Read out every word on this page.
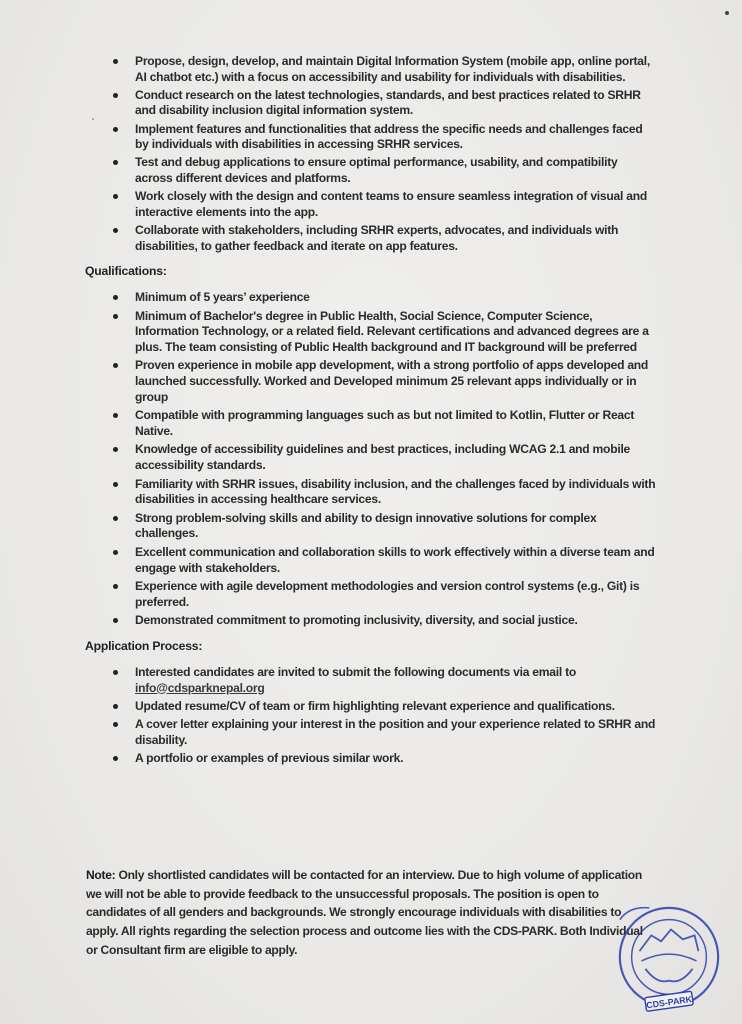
Propose, design, develop, and maintain Digital Information System (mobile app, online portal, AI chatbot etc.) with a focus on accessibility and usability for individuals with disabilities.
Conduct research on the latest technologies, standards, and best practices related to SRHR and disability inclusion digital information system.
Implement features and functionalities that address the specific needs and challenges faced by individuals with disabilities in accessing SRHR services.
Test and debug applications to ensure optimal performance, usability, and compatibility across different devices and platforms.
Work closely with the design and content teams to ensure seamless integration of visual and interactive elements into the app.
Collaborate with stakeholders, including SRHR experts, advocates, and individuals with disabilities, to gather feedback and iterate on app features.
Qualifications:
Minimum of 5 years’ experience
Minimum of Bachelor's degree in Public Health, Social Science, Computer Science, Information Technology, or a related field. Relevant certifications and advanced degrees are a plus. The team consisting of Public Health background and IT background will be preferred
Proven experience in mobile app development, with a strong portfolio of apps developed and launched successfully. Worked and Developed minimum 25 relevant apps individually or in group
Compatible with programming languages such as but not limited to Kotlin, Flutter or React Native.
Knowledge of accessibility guidelines and best practices, including WCAG 2.1 and mobile accessibility standards.
Familiarity with SRHR issues, disability inclusion, and the challenges faced by individuals with disabilities in accessing healthcare services.
Strong problem-solving skills and ability to design innovative solutions for complex challenges.
Excellent communication and collaboration skills to work effectively within a diverse team and engage with stakeholders.
Experience with agile development methodologies and version control systems (e.g., Git) is preferred.
Demonstrated commitment to promoting inclusivity, diversity, and social justice.
Application Process:
Interested candidates are invited to submit the following documents via email to
info@cdsparknepal.org
Updated resume/CV of team or firm highlighting relevant experience and qualifications.
A cover letter explaining your interest in the position and your experience related to SRHR and disability.
A portfolio or examples of previous similar work.
Note: Only shortlisted candidates will be contacted for an interview. Due to high volume of application we will not be able to provide feedback to the unsuccessful proposals. The position is open to candidates of all genders and backgrounds. We strongly encourage individuals with disabilities to apply. All rights regarding the selection process and outcome lies with the CDS-PARK. Both Individual or Consultant firm are eligible to apply.
CDS-PARK
